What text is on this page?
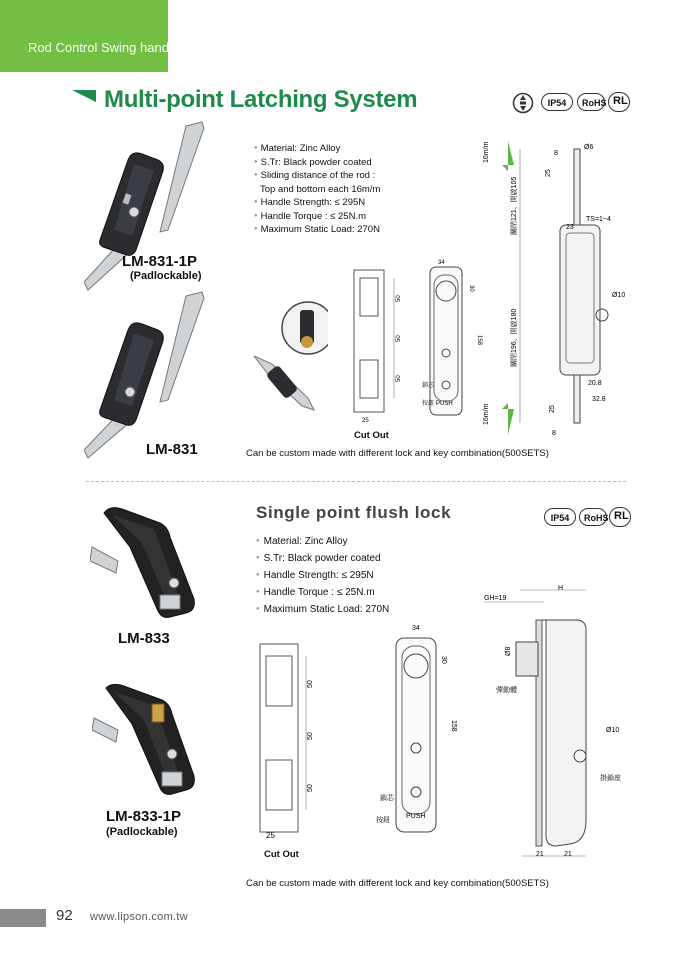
Rod Control Swing handle
Multi-point Latching System	IP54	RoHS RL
● Material: Zinc Alloy
● S.Tr: Black powder coated
● Sliding distance of the rod :
Top and bottom each 16m/m
● Handle Strength: ≤ 295N
● Handle Torque : ≤ 25N.m
● Maximum Static Load: 270N
LM-831-1P
(Padlockable)
LM-831
50
50
50
25
Cut Out
34
30
158
PUSH
鎖芯
按鈕
16m/m
16m/m
關閉121、開啟105
關閉196、開啟180
8
Ø6
25
23
TS=1~4
Ø10
20.8
32.8
25
8
Can be custom made with different lock and key combination(500SETS)
Single point flush lock	IP54	RoHS RL
● Material: Zinc Alloy
● S.Tr: Black powder coated
● Handle Strength: ≤ 295N
● Handle Torque : ≤ 25N.m
● Maximum Static Load: 270N
LM-833
LM-833-1P
(Padlockable)
50
50
50
25
Cut Out
34
30
158
PUSH
鎖芯
按鈕
H
GH=19
Ø8
彈動體
Ø10
掛鎖座
21	21
Can be custom made with different lock and key combination(500SETS)
92 www.lipson.com.tw
